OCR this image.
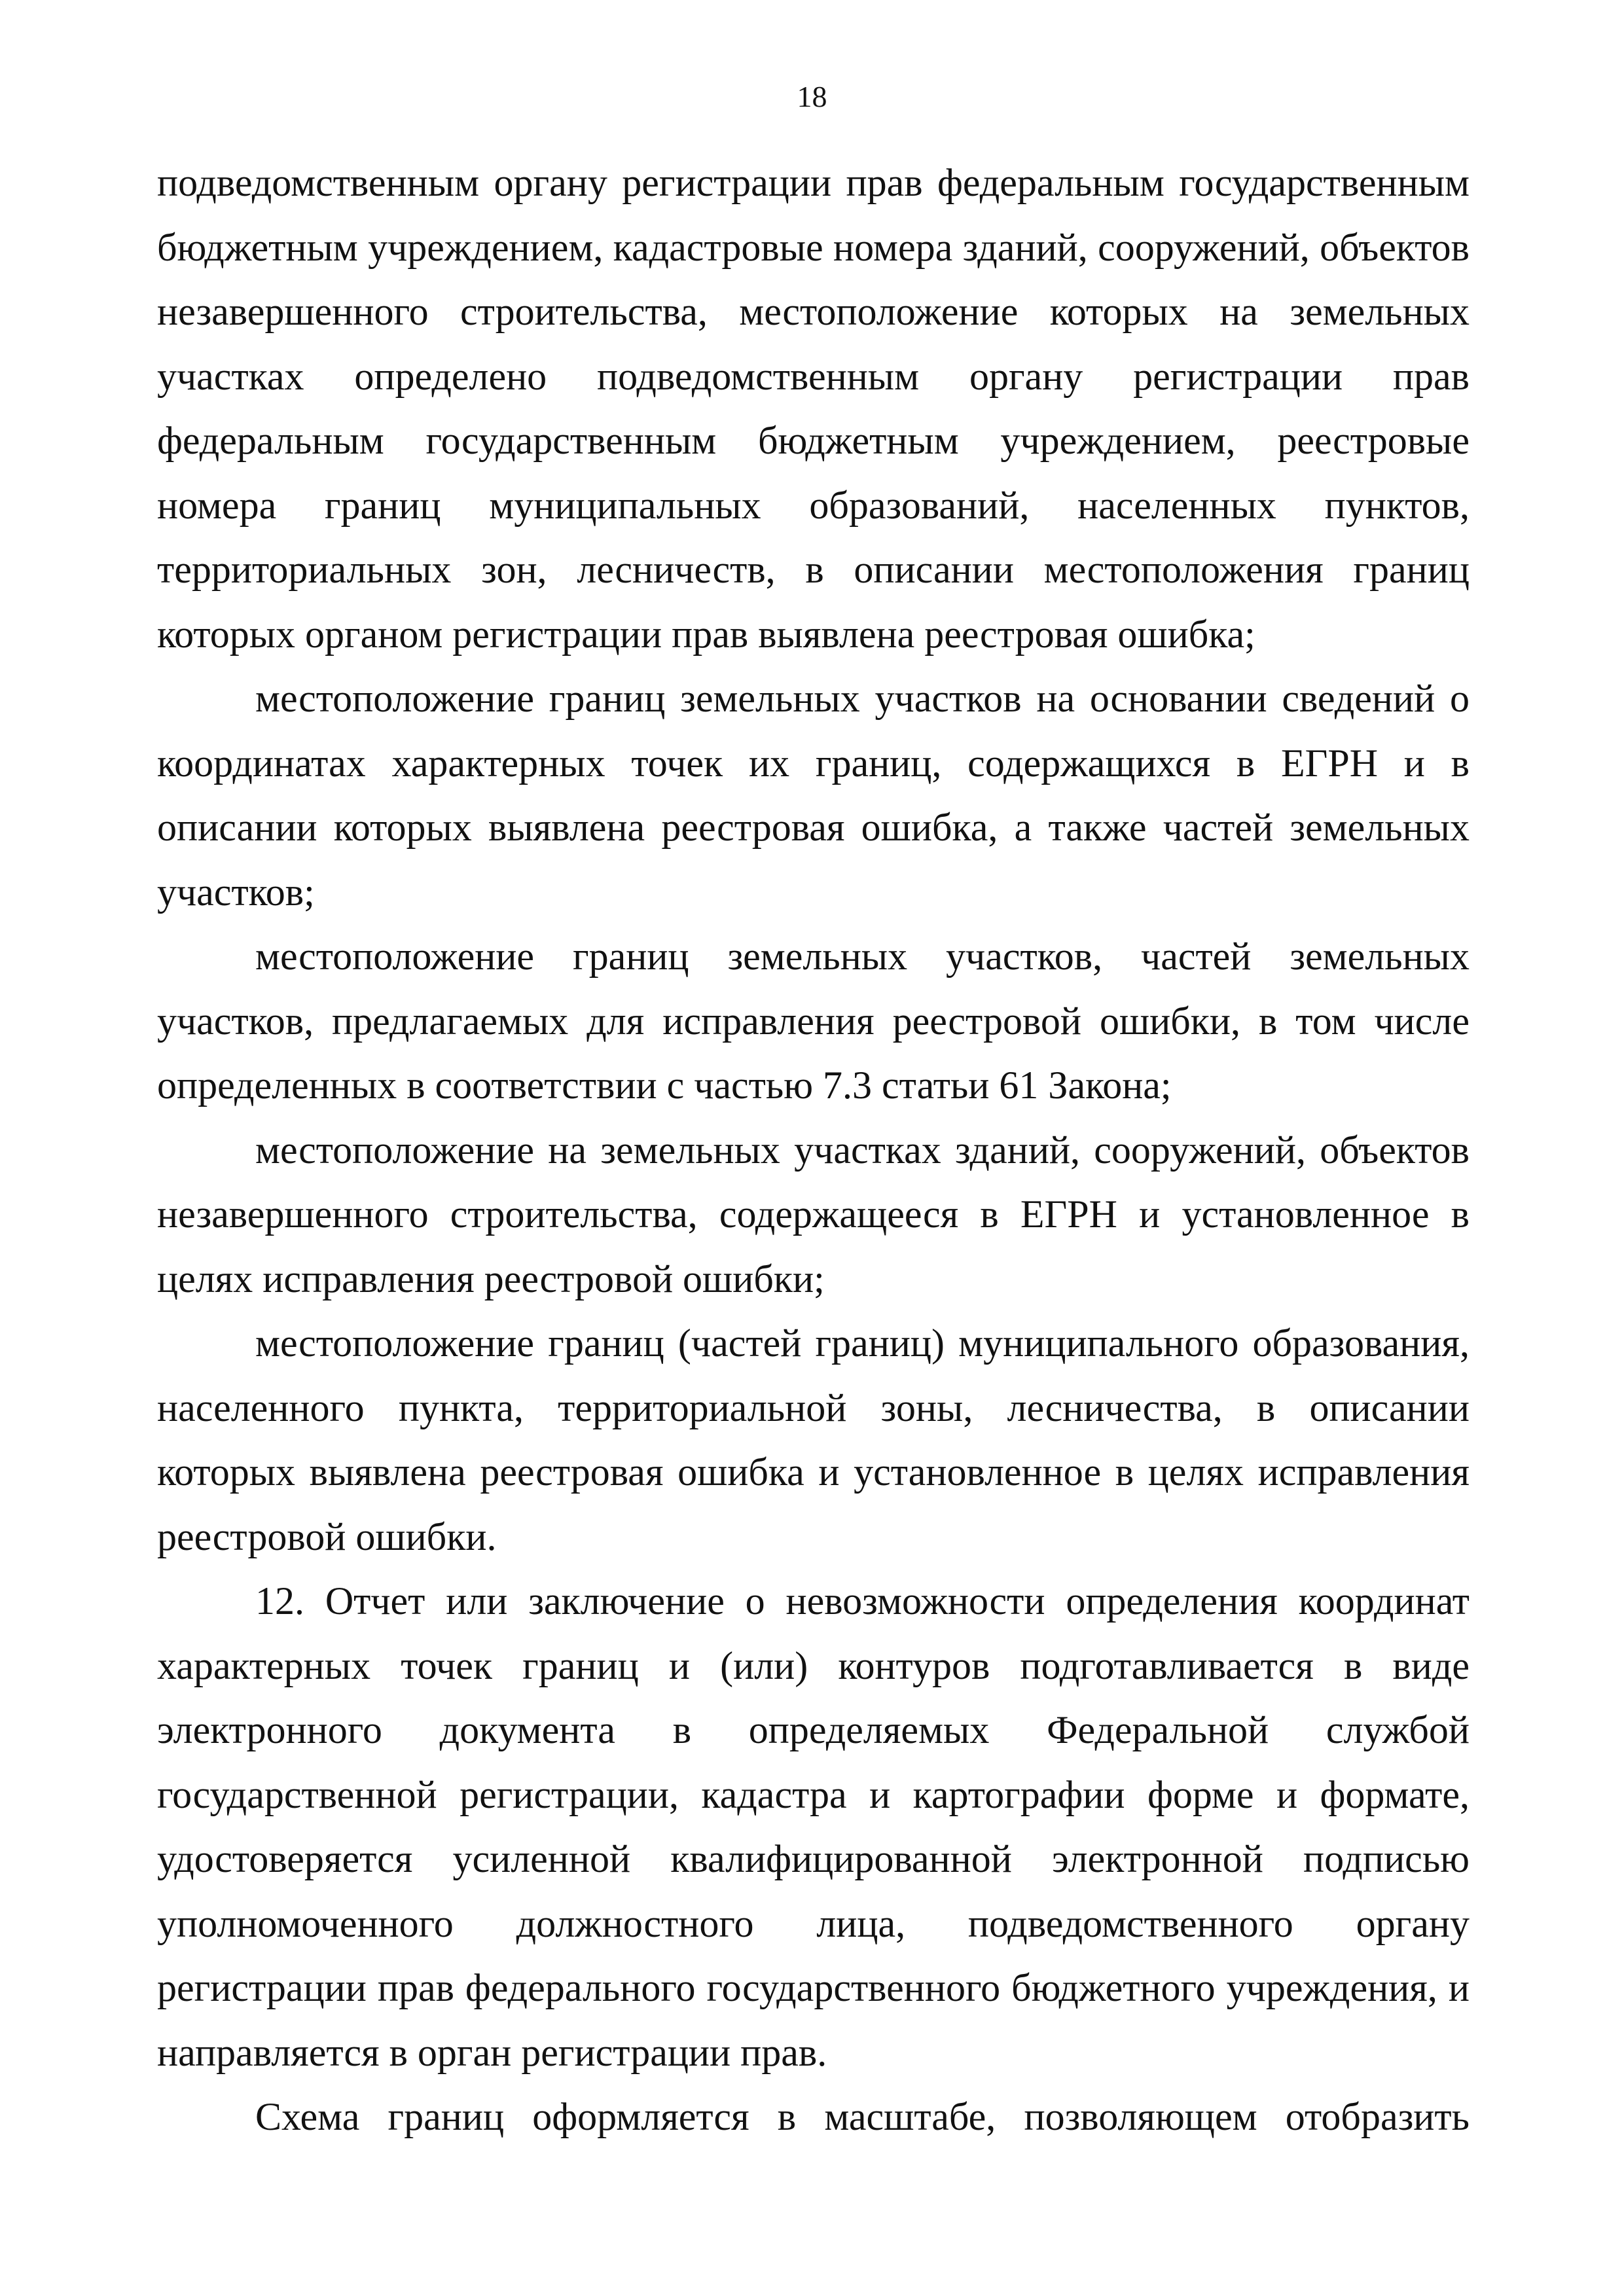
18

подведомственным органу регистрации прав федеральным государственным бюджетным учреждением, кадастровые номера зданий, сооружений, объектов незавершенного строительства, местоположение которых на земельных участках определено подведомственным органу регистрации прав федеральным государственным бюджетным учреждением, реестровые номера границ муниципальных образований, населенных пунктов, территориальных зон, лесничеств, в описании местоположения границ которых органом регистрации прав выявлена реестровая ошибка;

местоположение границ земельных участков на основании сведений о координатах характерных точек их границ, содержащихся в ЕГРН и в описании которых выявлена реестровая ошибка, а также частей земельных участков;

местоположение границ земельных участков, частей земельных участков, предлагаемых для исправления реестровой ошибки, в том числе определенных в соответствии с частью 7.3 статьи 61 Закона;

местоположение на земельных участках зданий, сооружений, объектов незавершенного строительства, содержащееся в ЕГРН и установленное в целях исправления реестровой ошибки;

местоположение границ (частей границ) муниципального образования, населенного пункта, территориальной зоны, лесничества, в описании которых выявлена реестровая ошибка и установленное в целях исправления реестровой ошибки.

12. Отчет или заключение о невозможности определения координат характерных точек границ и (или) контуров подготавливается в виде электронного документа в определяемых Федеральной службой государственной регистрации, кадастра и картографии форме и формате, удостоверяется усиленной квалифицированной электронной подписью уполномоченного должностного лица, подведомственного органу регистрации прав федерального государственного бюджетного учреждения, и направляется в орган регистрации прав.

Схема границ оформляется в масштабе, позволяющем отобразить
